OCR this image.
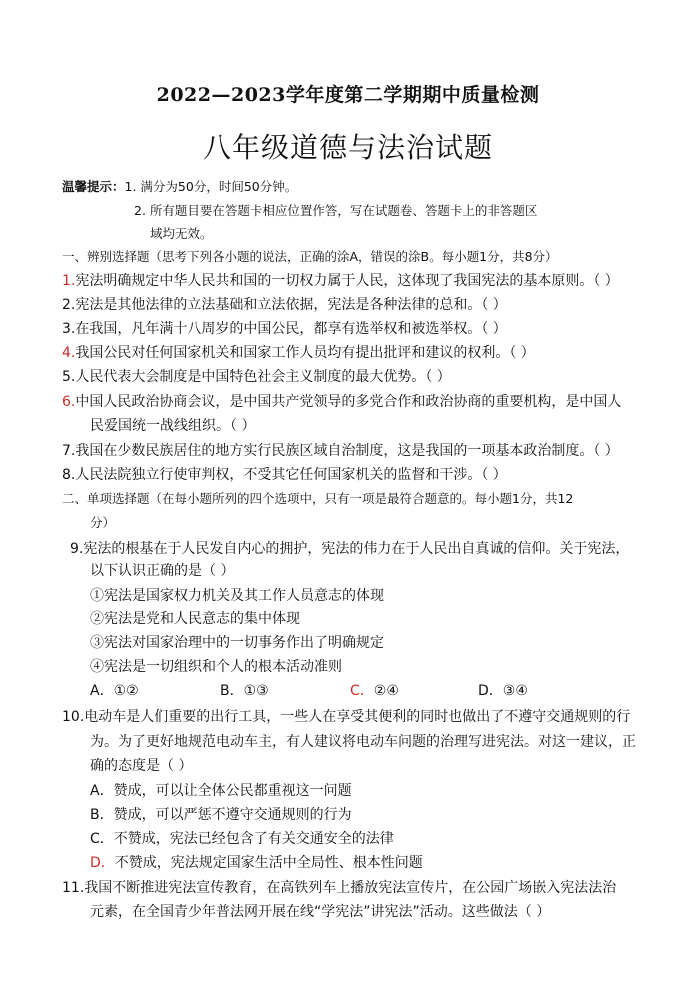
2022—2023学年度第二学期期中质量检测
八年级道德与法治试题
温馨提示：1. 满分为50分，时间50分钟。
2. 所有题目要在答题卡相应位置作答，写在试题卷、答题卡上的非答题区
域均无效。
一、辨别选择题（思考下列各小题的说法，正确的涂A，错误的涂B。每小题1分，共8分）
1.宪法明确规定中华人民共和国的一切权力属于人民，这体现了我国宪法的基本原则。（ ）
2.宪法是其他法律的立法基础和立法依据，宪法是各种法律的总和。（ ）
3.在我国，凡年满十八周岁的中国公民，都享有选举权和被选举权。（ ）
4.我国公民对任何国家机关和国家工作人员均有提出批评和建议的权利。（ ）
5.人民代表大会制度是中国特色社会主义制度的最大优势。（ ）
6.中国人民政治协商会议，是中国共产党领导的多党合作和政治协商的重要机构，是中国人
民爱国统一战线组织。（ ）
7.我国在少数民族居住的地方实行民族区域自治制度，这是我国的一项基本政治制度。（ ）
8.人民法院独立行使审判权，不受其它任何国家机关的监督和干涉。（ ）
二、单项选择题（在每小题所列的四个选项中，只有一项是最符合题意的。每小题1分，共12
分）
9.宪法的根基在于人民发自内心的拥护，宪法的伟力在于人民出自真诚的信仰。关于宪法，
以下认识正确的是（ ）
①宪法是国家权力机关及其工作人员意志的体现
②宪法是党和人民意志的集中体现
③宪法对国家治理中的一切事务作出了明确规定
④宪法是一切组织和个人的根本活动准则
A．①②	B．①③	C．②④	D．③④
10.电动车是人们重要的出行工具，一些人在享受其便利的同时也做出了不遵守交通规则的行
为。为了更好地规范电动车主，有人建议将电动车问题的治理写进宪法。对这一建议，正
确的态度是（ ）
A．赞成，可以让全体公民都重视这一问题
B．赞成，可以严惩不遵守交通规则的行为
C．不赞成，宪法已经包含了有关交通安全的法律
D．不赞成，宪法规定国家生活中全局性、根本性问题
11.我国不断推进宪法宣传教育，在高铁列车上播放宪法宣传片，在公园广场嵌入宪法法治
元素，在全国青少年普法网开展在线“学宪法”讲宪法”活动。这些做法（ ）
